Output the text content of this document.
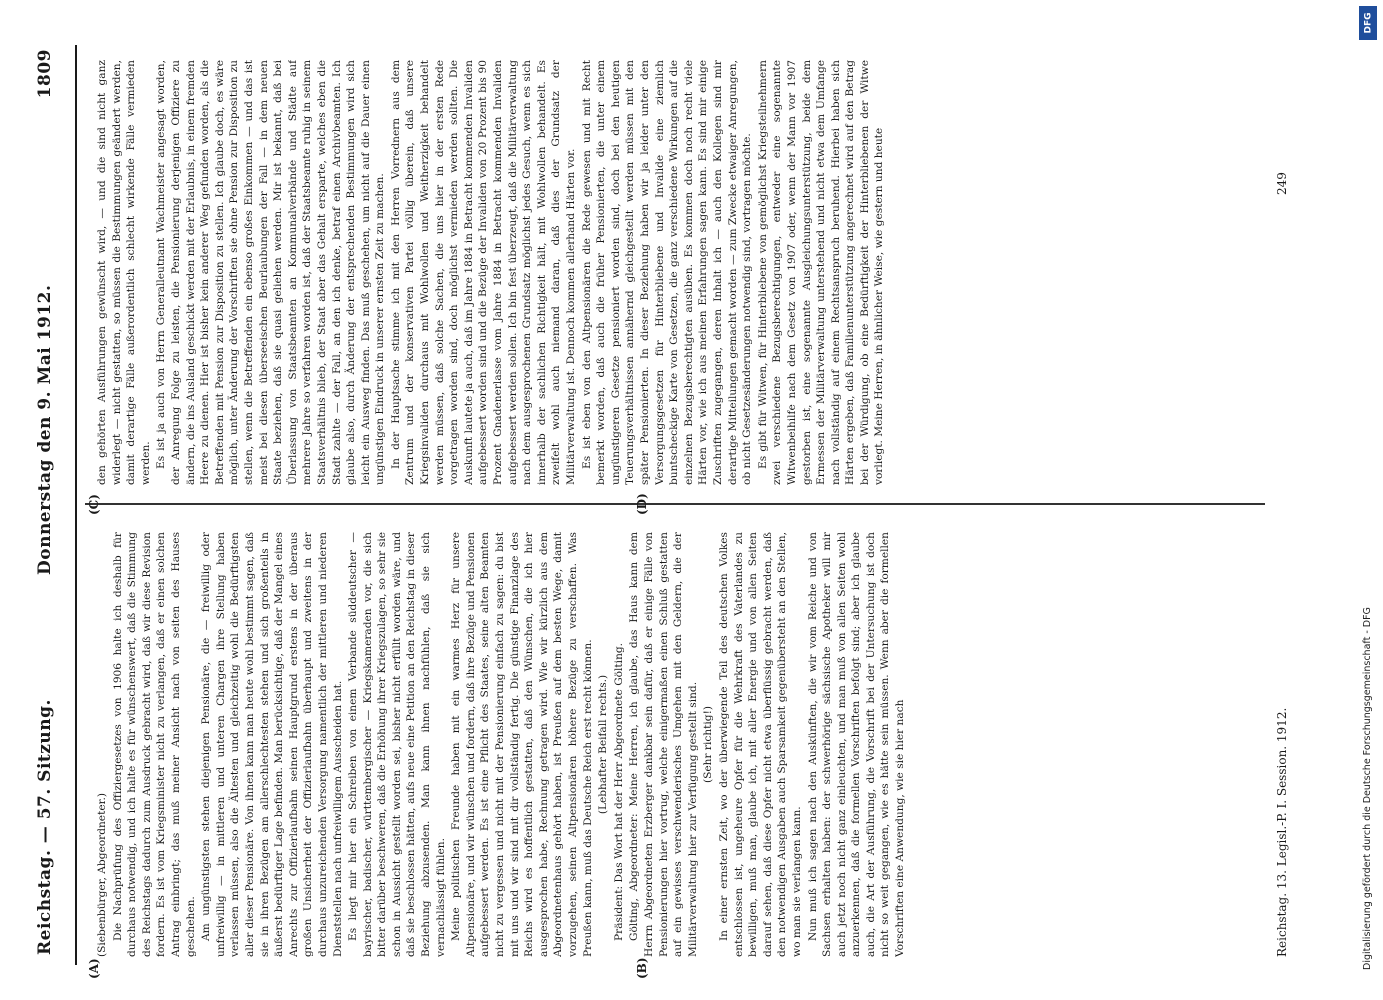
Reichstag. — 57. Sitzung.
Donnerstag den 9. Mai 1912.
1809
(A)	(B)
(C)	(D)

(Siebenbürger, Abgeordneter.) Die Nachprüfung des Offiziergesetzes von 1906 halte ich deshalb für durchaus notwendig, und ich halte es für wünschenswert, daß die Stimmung des Reichstags dadurch zum Ausdruck gebracht wird, daß wir diese Revision fordern. Es ist vom Kriegsminister nicht zu verlangen, daß er einen solchen Antrag einbringt; das muß meiner Ansicht nach von seiten des Hauses geschehen. Am ungünstigsten stehen diejenigen Pensionäre, die — freiwillig oder unfreiwillig — in mittleren und unteren Chargen ihre Stellung haben verlassen müssen, also die Ältesten und gleichzeitig wohl die Bedürftigsten aller dieser Pensionäre. Von ihnen kann man heute wohl bestimmt sagen, daß sie in ihren Bezügen am allerschlechtesten stehen und sich großenteils in äußerst bedürftiger Lage befinden. Man berücksichtige, daß der Mangel eines Anrechts zur Offizierlaufbahn seinen Hauptgrund erstens in der überaus großen Unsicherheit der Offizierlaufbahn überhaupt und zweitens in der durchaus unzureichenden Versorgung namentlich der mittleren und niederen Dienststellen nach unfreiwilligem Ausscheiden hat. Es liegt mir hier ein Schreiben von einem Verbande süddeutscher — bayrischer, badischer, württembergischer — Kriegskameraden vor, die sich bitter darüber beschweren, daß die Erhöhung ihrer Kriegszulagen, so sehr sie schon in Aussicht gestellt worden sei, bisher nicht erfüllt worden wäre, und daß sie beschlossen hätten, aufs neue eine Petition an den Reichstag in dieser Beziehung abzusenden. Man kann ihnen nachfühlen, daß sie sich vernachlässigt fühlen. Meine politischen Freunde haben mit ein warmes Herz für unsere Altpensionäre, und wir wünschen und fordern, daß ihre Bezüge und Pensionen aufgebessert werden. Es ist eine Pflicht des Staates, seine alten Beamten nicht zu vergessen und nicht mit der Pensionierung einfach zu sagen: du bist mit uns und wir sind mit dir vollständig fertig. Die günstige Finanzlage des Reichs wird es hoffentlich gestatten, daß den Wünschen, die ich hier ausgesprochen habe, Rechnung getragen wird. Wie wir kürzlich aus dem Abgeordnetenhaus gehört haben, ist Preußen auf dem besten Wege, damit vorzugehen, seinen Altpensionären höhere Bezüge zu verschaffen. Was Preußen kann, muß das Deutsche Reich erst recht können. (Lebhafter Beifall rechts.) Präsident: Das Wort hat der Herr Abgeordnete Gölting. Gölting, Abgeordneter: Meine Herren, ich glaube, das Haus kann dem Herrn Abgeordneten Erzberger dankbar sein dafür, daß er einige Fälle von Pensionierungen hier vortrug, welche einigermaßen einen Schluß gestatten auf ein gewisses verschwenderisches Umgehen mit den Geldern, die der Militärverwaltung hier zur Verfügung gestellt sind. (Sehr richtig!) In einer ernsten Zeit, wo der überwiegende Teil des deutschen Volkes entschlossen ist, ungeheure Opfer für die Wehrkraft des Vaterlandes zu bewilligen, muß man, glaube ich, mit aller Energie und von allen Seiten darauf sehen, daß diese Opfer nicht etwa überflüssig gebracht werden, daß den notwendigen Ausgaben auch Sparsamkeit gegenübersteht an den Stellen, wo man sie verlangen kann. Nun muß ich sagen nach den Auskünften, die wir vom Reiche und von Sachsen erhalten haben: der schwerhörige sächsische Apotheker will mir auch jetzt noch nicht ganz einleuchten, und man muß von allen Seiten wohl anzuerkennen, daß die formellen Vorschriften befolgt sind; aber ich glaube auch, die Art der Ausführung, die Vorschrift bei der Untersuchung ist doch nicht so weit gegangen, wie es hätte sein müssen. Wenn aber die formellen Vorschriften eine Anwendung, wie sie hier nach

den gehörten Ausführungen gewünscht wird, — und die sind nicht ganz widerlegt — nicht gestatten, so müssen die Bestimmungen geändert werden, damit derartige Fälle außerordentlich schlecht wirkende Fälle vermieden werden. Es ist ja auch von Herrn Generalleutnant Wachmeister angesagt worden, der Anregung Folge zu leisten, die Pensionierung derjenigen Offiziere zu ändern, die ins Ausland geschickt werden mit der Erlaubnis, in einem fremden Heere zu dienen. Hier ist bisher kein anderer Weg gefunden worden, als die Betreffenden mit Pension zur Disposition zu stellen. Ich glaube doch, es wäre möglich, unter Änderung der Vorschriften sie ohne Pension zur Disposition zu stellen, wenn die Betreffenden ein ebenso großes Einkommen — und das ist meist bei diesen überseeischen Beurlaubungen der Fall — in dem neuen Staate beziehen, daß sie quasi geliehen werden. Mir ist bekannt, daß bei Überlassung von Staatsbeamten an Kommunalverbände und Städte auf mehrere Jahre so verfahren worden ist, daß der Staatsbeamte ruhig in seinem Staatsverhältnis blieb, der Staat aber das Gehalt ersparte, welches eben die Stadt zahlte — der Fall, an den ich denke, betraf einen Archivbeamten. Ich glaube also, durch Änderung der entsprechenden Bestimmungen wird sich leicht ein Ausweg finden. Das muß geschehen, um nicht auf die Dauer einen ungünstigen Eindruck in unserer ernsten Zeit zu machen. In der Hauptsache stimme ich mit den Herren Vorrednern aus dem Zentrum und der konservativen Partei völlig überein, daß unsere Kriegsinvaliden durchaus mit Wohlwollen und Weitherzigkeit behandelt werden müssen, daß solche Sachen, die uns hier in der ersten Rede vorgetragen worden sind, doch möglichst vermieden werden sollten. Die Auskunft lautete ja auch, daß im Jahre 1884 in Betracht kommenden Invaliden aufgebessert worden sind und die Bezüge der Invaliden von 20 Prozent bis 90 Prozent Gnadenerlasse vom Jahre 1884 in Betracht kommenden Invaliden aufgebessert werden sollen. Ich bin fest überzeugt, daß die Militärverwaltung nach dem ausgesprochenen Grundsatz möglichst jedes Gesuch, wenn es sich innerhalb der sachlichen Richtigkeit hält, mit Wohlwollen behandelt. Es zweifelt wohl auch niemand daran, daß dies der Grundsatz der Militärverwaltung ist. Dennoch kommen allerhand Härten vor. Es ist eben von den Altpensionären die Rede gewesen und mit Recht bemerkt worden, daß auch die früher Pensionierten, die unter einem ungünstigeren Gesetze pensioniert worden sind, doch bei den heutigen Teuerungsverhältnissen annähernd gleichgestellt werden müssen mit den später Pensionierten. In dieser Beziehung haben wir ja leider unter den Versorgungsgesetzen für Hinterbliebene und Invalide eine ziemlich buntscheckige Karte von Gesetzen, die ganz verschiedene Wirkungen auf die einzelnen Bezugsberechtigten ausüben. Es kommen doch noch recht viele Härten vor, wie ich aus meinen Erfahrungen sagen kann. Es sind mir einige Zuschriften zugegangen, deren Inhalt ich — auch den Kollegen sind mir derartige Mitteilungen gemacht worden — zum Zwecke etwaiger Anregungen, ob nicht Gesetzesänderungen notwendig sind, vortragen möchte. Es gibt für Witwen, für Hinterbliebene von gemöglichst Kriegsteilnehmern zwei verschiedene Bezugsberechtigungen, entweder eine sogenannte Witwenbeihilfe nach dem Gesetz von 1907 oder, wenn der Mann vor 1907 gestorben ist, eine sogenannte Ausgleichungsunterstützung, beide dem Ermessen der Militärverwaltung unterstehend und nicht etwa dem Umfange nach vollständig auf einem Rechtsanspruch beruhend. Hierbei haben sich Härten ergeben, daß Familienunterstützung angerechnet wird auf den Betrag bei der Würdigung, ob eine Bedürftigkeit der Hinterbliebenen der Witwe vorliegt. Meine Herren, in ähnlicher Weise, wie gestern und heute

Reichstag. 13. Legisl.-P. I. Session. 1912.
249
DFG
Digitalisierung gefördert durch die Deutsche Forschungsgemeinschaft - DFG
